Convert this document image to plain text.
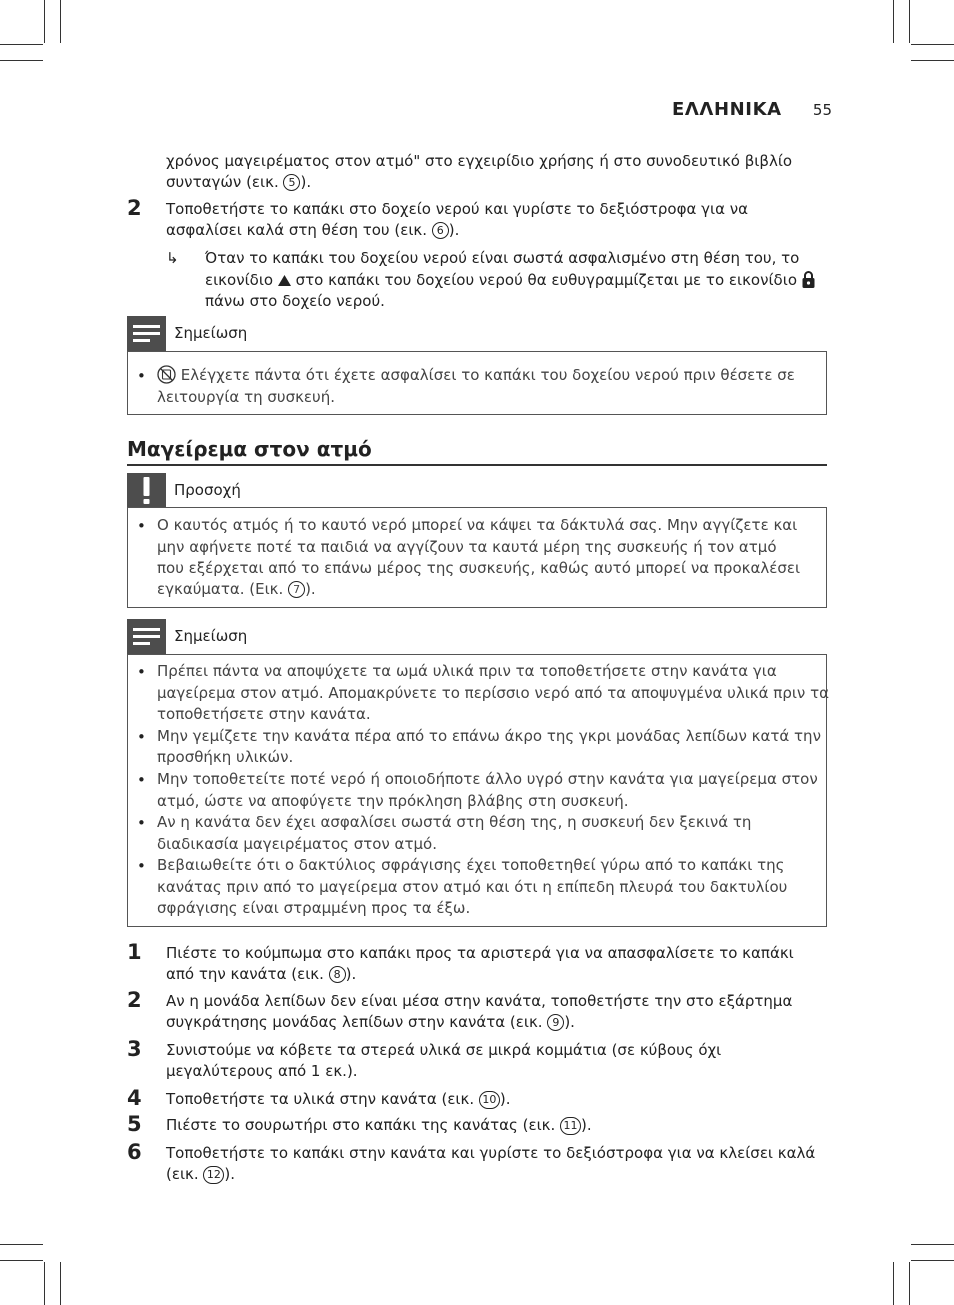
ΕΛΛΗΝΙΚΑ 55
χρόνος μαγειρέματος στον ατμό" στο εγχειρίδιο χρήσης ή στο συνοδευτικό βιβλίο
συνταγών (εικ. 5 ).
2 Τοποθετήστε το καπάκι στο δοχείο νερού και γυρίστε το δεξιόστροφα για να
ασφαλίσει καλά στη θέση του (εικ. 6 ).
↳ Όταν το καπάκι του δοχείου νερού είναι σωστά ασφαλισμένο στη θέση του, το
εικονίδιο  στο καπάκι του δοχείου νερού θα ευθυγραμμίζεται με το εικονίδιο
πάνω στο δοχείο νερού.
Σημείωση
•	Ελέγχετε πάντα ότι έχετε ασφαλίσει το καπάκι του δοχείου νερού πριν θέσετε σε
λειτουργία τη συσκευή.
Μαγείρεμα στον ατμό
Προσοχή
• Ο καυτός ατμός ή το καυτό νερό μπορεί να κάψει τα δάκτυλά σας. Μην αγγίζετε και
μην αφήνετε ποτέ τα παιδιά να αγγίζουν τα καυτά μέρη της συσκευής ή τον ατμό
που εξέρχεται από το επάνω μέρος της συσκευής, καθώς αυτό μπορεί να προκαλέσει
εγκαύματα. (Εικ. 7 ).
Σημείωση
• Πρέπει πάντα να αποψύχετε τα ωμά υλικά πριν τα τοποθετήσετε στην κανάτα για
μαγείρεμα στον ατμό. Απομακρύνετε το περίσσιο νερό από τα αποψυγμένα υλικά πριν τα
τοποθετήσετε στην κανάτα.
• Μην γεμίζετε την κανάτα πέρα από το επάνω άκρο της γκρι μονάδας λεπίδων κατά την
προσθήκη υλικών.
• Μην τοποθετείτε ποτέ νερό ή οποιοδήποτε άλλο υγρό στην κανάτα για μαγείρεμα στον
ατμό, ώστε να αποφύγετε την πρόκληση βλάβης στη συσκευή.
• Αν η κανάτα δεν έχει ασφαλίσει σωστά στη θέση της, η συσκευή δεν ξεκινά τη
διαδικασία μαγειρέματος στον ατμό.
• Βεβαιωθείτε ότι ο δακτύλιος σφράγισης έχει τοποθετηθεί γύρω από το καπάκι της
κανάτας πριν από το μαγείρεμα στον ατμό και ότι η επίπεδη πλευρά του δακτυλίου
σφράγισης είναι στραμμένη προς τα έξω.
1 Πιέστε το κούμπωμα στο καπάκι προς τα αριστερά για να απασφαλίσετε το καπάκι
από την κανάτα (εικ. 8 ).
2 Αν η μονάδα λεπίδων δεν είναι μέσα στην κανάτα, τοποθετήστε την στο εξάρτημα
συγκράτησης μονάδας λεπίδων στην κανάτα (εικ. 9 ).
3 Συνιστούμε να κόβετε τα στερεά υλικά σε μικρά κομμάτια (σε κύβους όχι
μεγαλύτερους από 1 εκ.).
4 Τοποθετήστε τα υλικά στην κανάτα (εικ. 10 ).
5 Πιέστε το σουρωτήρι στο καπάκι της κανάτας (εικ. 11 ).
6 Τοποθετήστε το καπάκι στην κανάτα και γυρίστε το δεξιόστροφα για να κλείσει καλά
(εικ. 12 ).
